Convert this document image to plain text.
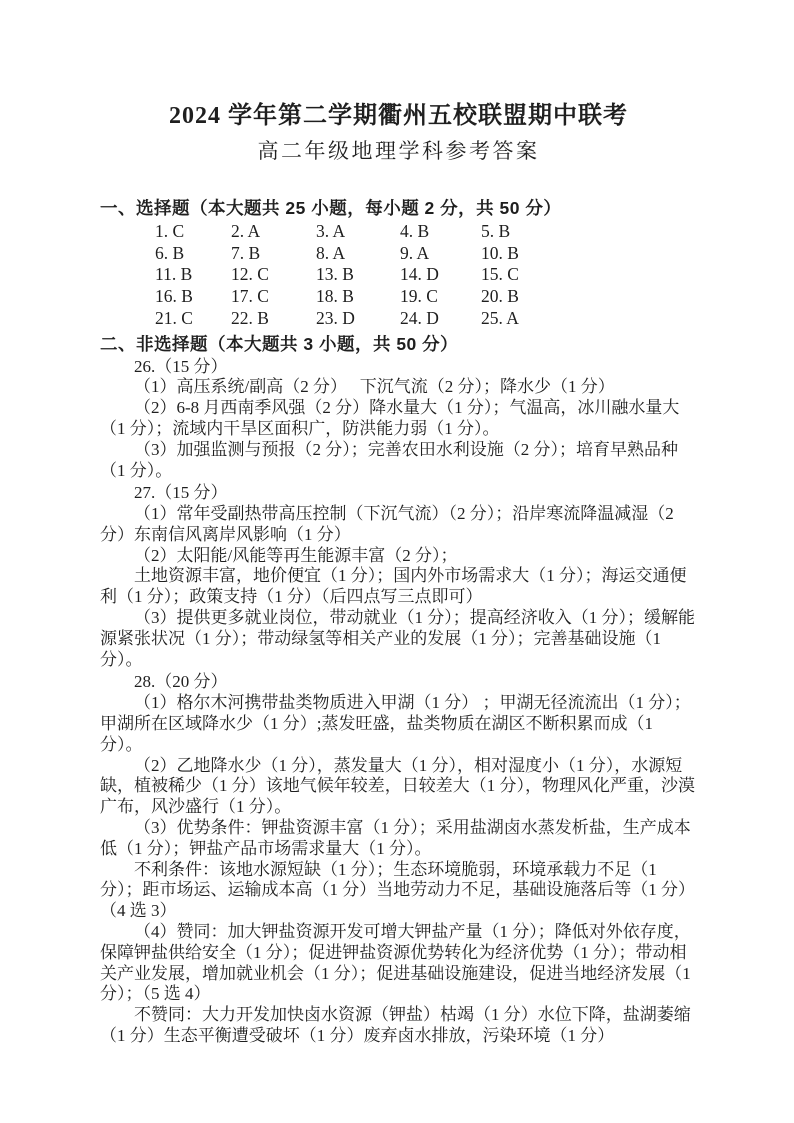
2024 学年第二学期衢州五校联盟期中联考
高二年级地理学科参考答案
一、选择题（本大题共 25 小题，每小题 2 分，共 50 分）
1. C	2. A	3. A	4. B	5. B
6. B	7. B	8. A	9. A	10. B
11. B	12. C	13. B	14. D	15. C
16. B	17. C	18. B	19. C	20. B
21. C	22. B	23. D	24. D	25. A
二、非选择题（本大题共 3 小题，共 50 分）

26.（15 分）

（1）高压系统/副高（2 分）　 下沉气流（2 分）；降水少（1 分）

（2）6-8 月西南季风强（2 分）降水量大（1 分）；气温高，冰川融水量大（1 分）；流域内干旱区面积广，防洪能力弱（1 分）。

（3）加强监测与预报（2 分）；完善农田水利设施（2 分）；培育早熟品种（1 分）。

27.（15 分）

（1）常年受副热带高压控制（下沉气流）（2 分）；沿岸寒流降温减湿（2 分）东南信风离岸风影响（1 分）

（2）太阳能/风能等再生能源丰富（2 分）；

土地资源丰富，地价便宜（1 分）；国内外市场需求大（1 分）；海运交通便利（1 分）；政策支持（1 分）（后四点写三点即可）

（3）提供更多就业岗位，带动就业（1 分）；提高经济收入（1 分）；缓解能源紧张状况（1 分）；带动绿氢等相关产业的发展（1 分）；完善基础设施（1 分）。

28.（20 分）

（1）格尔木河携带盐类物质进入甲湖（1 分） ；甲湖无径流流出（1 分）；甲湖所在区域降水少（1 分）;蒸发旺盛，盐类物质在湖区不断积累而成（1 分）。

（2）乙地降水少（1 分），蒸发量大（1 分），相对湿度小（1 分），水源短缺，植被稀少（1 分）该地气候年较差，日较差大（1 分），物理风化严重，沙漠广布，风沙盛行（1 分）。

（3）优势条件：钾盐资源丰富（1 分）；采用盐湖卤水蒸发析盐，生产成本低（1 分）；钾盐产品市场需求量大（1 分）。

不利条件：该地水源短缺（1 分）；生态环境脆弱，环境承载力不足（1 分）；距市场运、运输成本高（1 分）当地劳动力不足，基础设施落后等（1 分）（4 选 3）

（4）赞同：加大钾盐资源开发可增大钾盐产量（1 分）；降低对外依存度，保障钾盐供给安全（1 分）；促进钾盐资源优势转化为经济优势（1 分）；带动相关产业发展，增加就业机会（1 分）；促进基础设施建设，促进当地经济发展（1 分）；（5 选 4）

不赞同：大力开发加快卤水资源（钾盐）枯竭（1 分）水位下降，盐湖萎缩（1 分）生态平衡遭受破坏（1 分）废弃卤水排放，污染环境（1 分）
